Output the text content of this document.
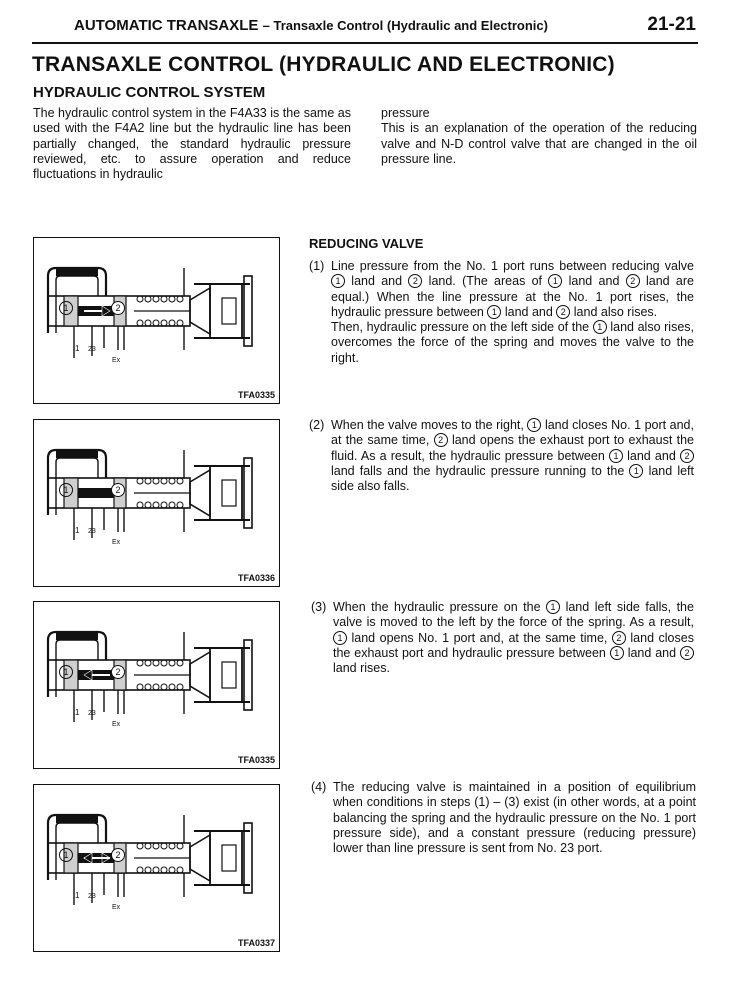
AUTOMATIC TRANSAXLE – Transaxle Control (Hydraulic and Electronic)	21-21
TRANSAXLE CONTROL (HYDRAULIC AND ELECTRONIC)
HYDRAULIC CONTROL SYSTEM
The hydraulic control system in the F4A33 is the same as used with the F4A2 line but the hydraulic line has been partially changed, the standard hydraulic pressure reviewed, etc. to assure operation and reduce fluctuations in hydraulic
pressure
This is an explanation of the operation of the reducing valve and N-D control valve that are changed in the oil pressure line.
REDUCING VALVE
(1) Line pressure from the No. 1 port runs between reducing valve 1 land and 2 land. (The areas of 1 land and 2 land are equal.) When the line pressure at the No. 1 port rises, the hydraulic pressure between 1 land and 2 land also rises.

Then, hydraulic pressure on the left side of the 1 land also rises, overcomes the force of the spring and moves the valve to the right.

(2) When the valve moves to the right, 1 land closes No. 1 port and, at the same time, 2 land opens the exhaust port to exhaust the fluid. As a result, the hydraulic pressure between 1 land and 2 land falls and the hydraulic pressure running to the 1 land left side also falls.

(3) When the hydraulic pressure on the 1 land left side falls, the valve is moved to the left by the force of the spring. As a result, 1 land opens No. 1 port and, at the same time, 2 land closes the exhaust port and hydraulic pressure between 1 land and 2 land rises.

(4) The reducing valve is maintained in a position of equilibrium when conditions in steps (1) – (3) exist (in other words, at a point balancing the spring and the hydraulic pressure on the No. 1 port pressure side), and a constant pressure (reducing pressure) lower than line pressure is sent from No. 23 port.

1	2
1 23
Ex
TFA0335
1	2
1 23
Ex
TFA0336
1	2
1 23
Ex
TFA0335
1	2
1 23
Ex
TFA0337
